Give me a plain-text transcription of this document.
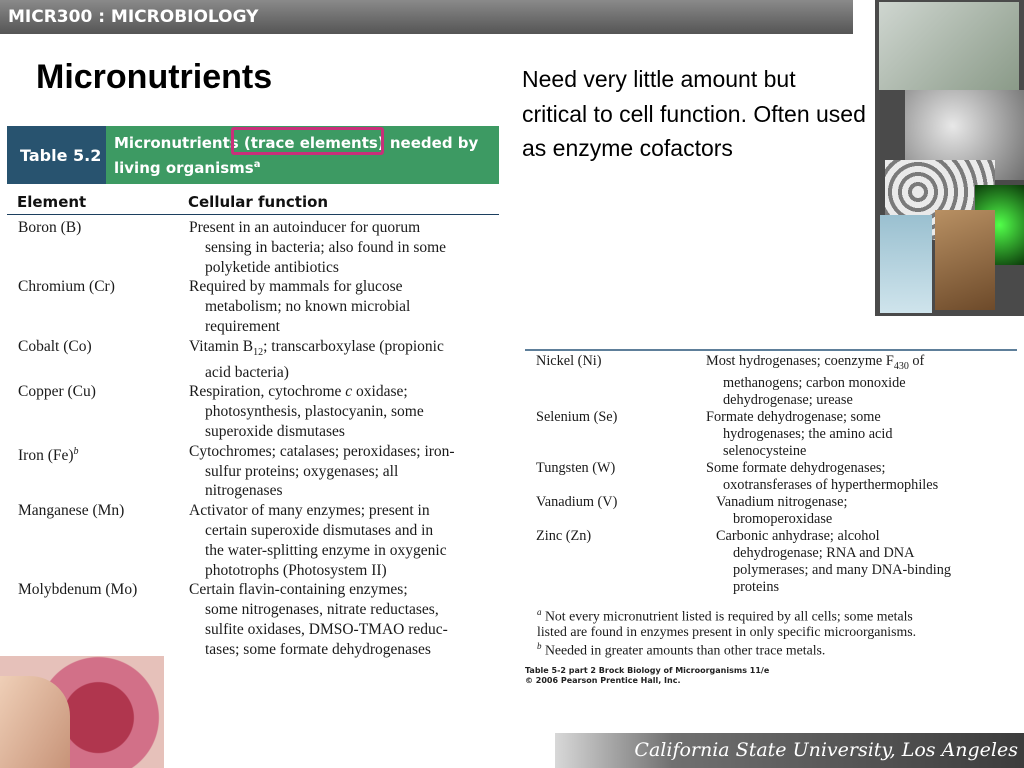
MICR300 : MICROBIOLOGY
Micronutrients	Need very little amount but critical to cell function. Often used as enzyme cofactors
Table 5.2
Micronutrients (trace elements) needed by
living organisms$^a$
Element	Cellular function
Boron (B)	Present in an autoinducer for quorum
sensing in bacteria; also found in some
polyketide antibiotics
Chromium (Cr)	Required by mammals for glucose
metabolism; no known microbial
requirement
Cobalt (Co)	Vitamin $B_{12}$; transcarboxylase (propionic
acid bacteria)
Copper (Cu)	Respiration, cytochrome c oxidase;
photosynthesis, plastocyanin, some
superoxide dismutases
Iron $(Fe)^b$	Cytochromes; catalases; peroxidases; iron-
sulfur proteins; oxygenases; all
nitrogenases
Manganese (Mn)	Activator of many enzymes; present in
certain superoxide dismutases and in
the water-splitting enzyme in oxygenic
phototrophs (Photosystem II)
Molybdenum (Mo)	Certain flavin-containing enzymes;
some nitrogenases, nitrate reductases,
sulfite oxidases, DMSO-TMAO reduc-
tases; some formate dehydrogenases
Nickel (Ni)	Most hydrogenases; coenzyme $F_{430}$ of
methanogens; carbon monoxide
dehydrogenase; urease
Selenium (Se)	Formate dehydrogenase; some
hydrogenases; the amino acid
selenocysteine
Tungsten (W)	Some formate dehydrogenases;
oxotransferases of hyperthermophiles
Vanadium (V)	Vanadium nitrogenase;
bromoperoxidase
Zinc (Zn)	Carbonic anhydrase; alcohol
dehydrogenase; RNA and DNA
polymerases; and many DNA-binding
proteins
$^a$ Not every micronutrient listed is required by all cells; some metals
listed are found in enzymes present in only specific microorganisms.
$^b$ Needed in greater amounts than other trace metals.
Table 5-2 part 2 Brock Biology of Microorganisms 11/e
© 2006 Pearson Prentice Hall, Inc.
California State University, Los Angeles
